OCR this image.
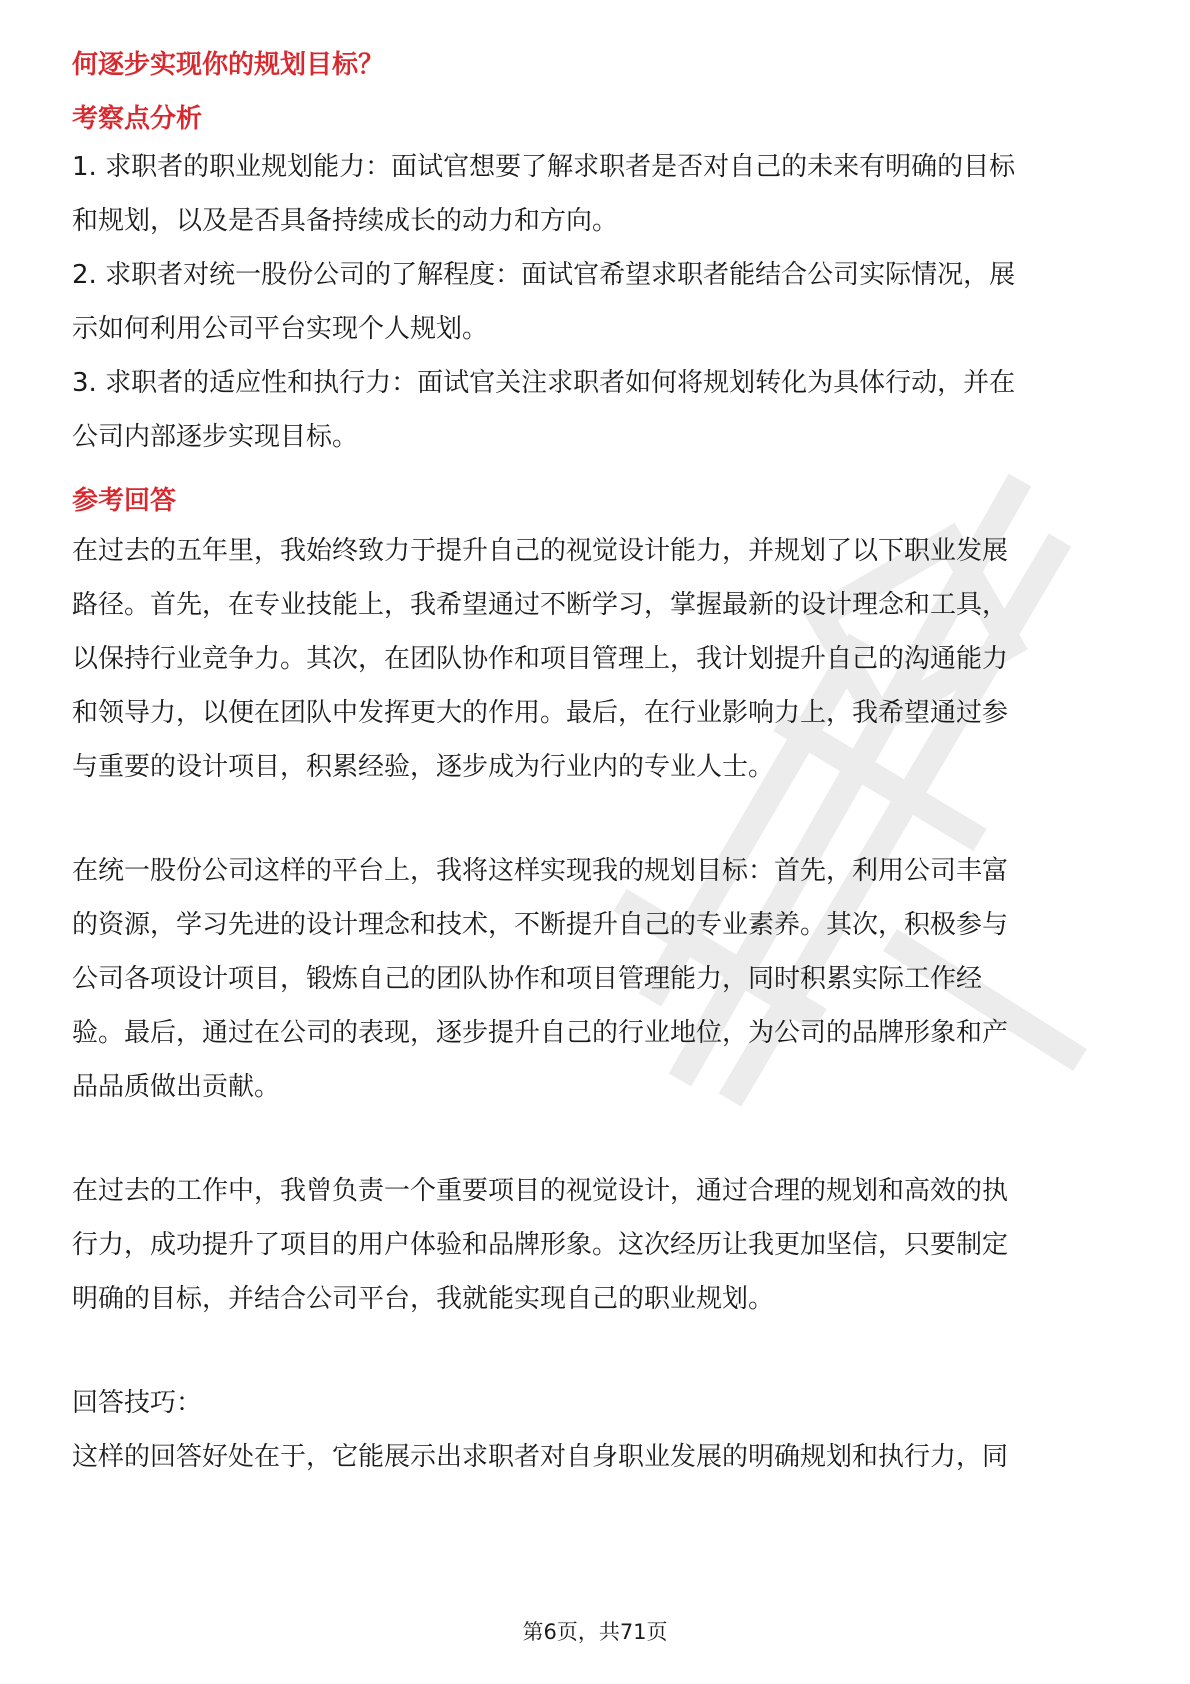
何逐步实现你的规划目标？
考察点分析
1. 求职者的职业规划能力：面试官想要了解求职者是否对自己的未来有明确的目标
和规划，以及是否具备持续成长的动力和方向。
2. 求职者对统一股份公司的了解程度：面试官希望求职者能结合公司实际情况，展
示如何利用公司平台实现个人规划。
3. 求职者的适应性和执行力：面试官关注求职者如何将规划转化为具体行动，并在
公司内部逐步实现目标。
参考回答
在过去的五年里，我始终致力于提升自己的视觉设计能力，并规划了以下职业发展
路径。首先，在专业技能上，我希望通过不断学习，掌握最新的设计理念和工具，
以保持行业竞争力。其次，在团队协作和项目管理上，我计划提升自己的沟通能力
和领导力，以便在团队中发挥更大的作用。最后，在行业影响力上，我希望通过参
与重要的设计项目，积累经验，逐步成为行业内的专业人士。
在统一股份公司这样的平台上，我将这样实现我的规划目标：首先，利用公司丰富
的资源，学习先进的设计理念和技术，不断提升自己的专业素养。其次，积极参与
公司各项设计项目，锻炼自己的团队协作和项目管理能力，同时积累实际工作经
验。最后，通过在公司的表现，逐步提升自己的行业地位，为公司的品牌形象和产
品品质做出贡献。
在过去的工作中，我曾负责一个重要项目的视觉设计，通过合理的规划和高效的执
行力，成功提升了项目的用户体验和品牌形象。这次经历让我更加坚信，只要制定
明确的目标，并结合公司平台，我就能实现自己的职业规划。
回答技巧：
这样的回答好处在于，它能展示出求职者对自身职业发展的明确规划和执行力，同
第6页，共71页
